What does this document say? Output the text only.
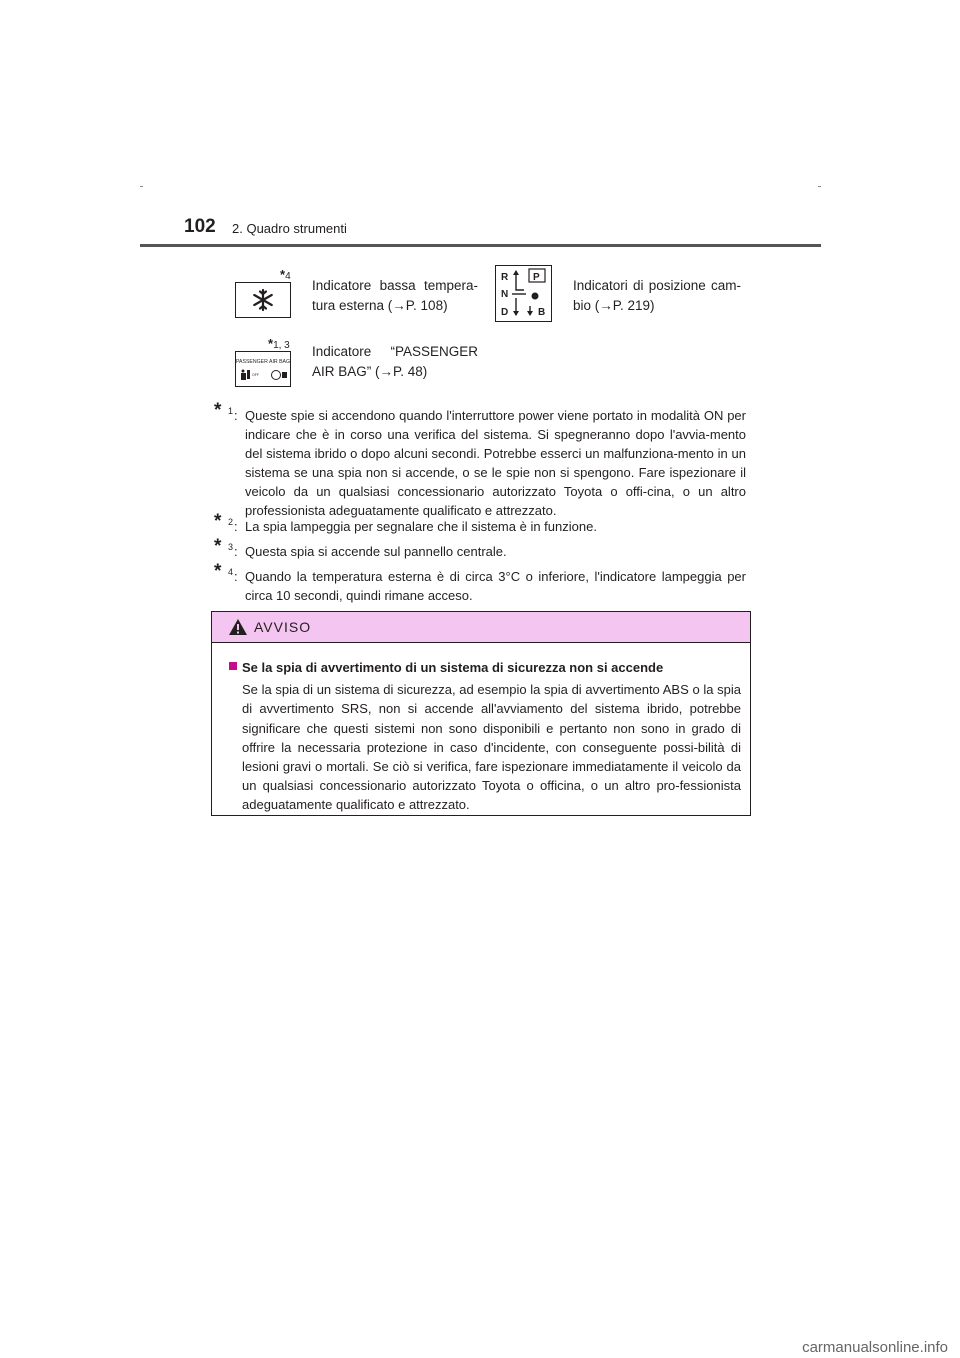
102 2. Quadro strumenti
*4
Indicatore bassa tempera-tura esterna (→P. 108)
R
N
D
P
B
Indicatori di posizione cam-bio (→P. 219)
*1, 3
PASSENGER AIR BAG
OFF
Indicatore “PASSENGER AIR BAG” (→P. 48)
* 1 : Queste spie si accendono quando l'interruttore power viene portato in modalità ON per indicare che è in corso una verifica del sistema. Si spegneranno dopo l'avvia-mento del sistema ibrido o dopo alcuni secondi. Potrebbe esserci un malfunziona-mento in un sistema se una spia non si accende, o se le spie non si spengono. Fare ispezionare il veicolo da un qualsiasi concessionario autorizzato Toyota o offi-cina, o un altro professionista adeguatamente qualificato e attrezzato.
* 2 : La spia lampeggia per segnalare che il sistema è in funzione.
* 3 : Questa spia si accende sul pannello centrale.
* 4 : Quando la temperatura esterna è di circa 3°C o inferiore, l'indicatore lampeggia per circa 10 secondi, quindi rimane acceso.
AVVISO
Se la spia di avvertimento di un sistema di sicurezza non si accende
Se la spia di un sistema di sicurezza, ad esempio la spia di avvertimento ABS o la spia di avvertimento SRS, non si accende all'avviamento del sistema ibrido, potrebbe significare che questi sistemi non sono disponibili e pertanto non sono in grado di offrire la necessaria protezione in caso d'incidente, con conseguente possi-bilità di lesioni gravi o mortali. Se ciò si verifica, fare ispezionare immediatamente il veicolo da un qualsiasi concessionario autorizzato Toyota o officina, o un altro pro-fessionista adeguatamente qualificato e attrezzato.
carmanualsonline.info
